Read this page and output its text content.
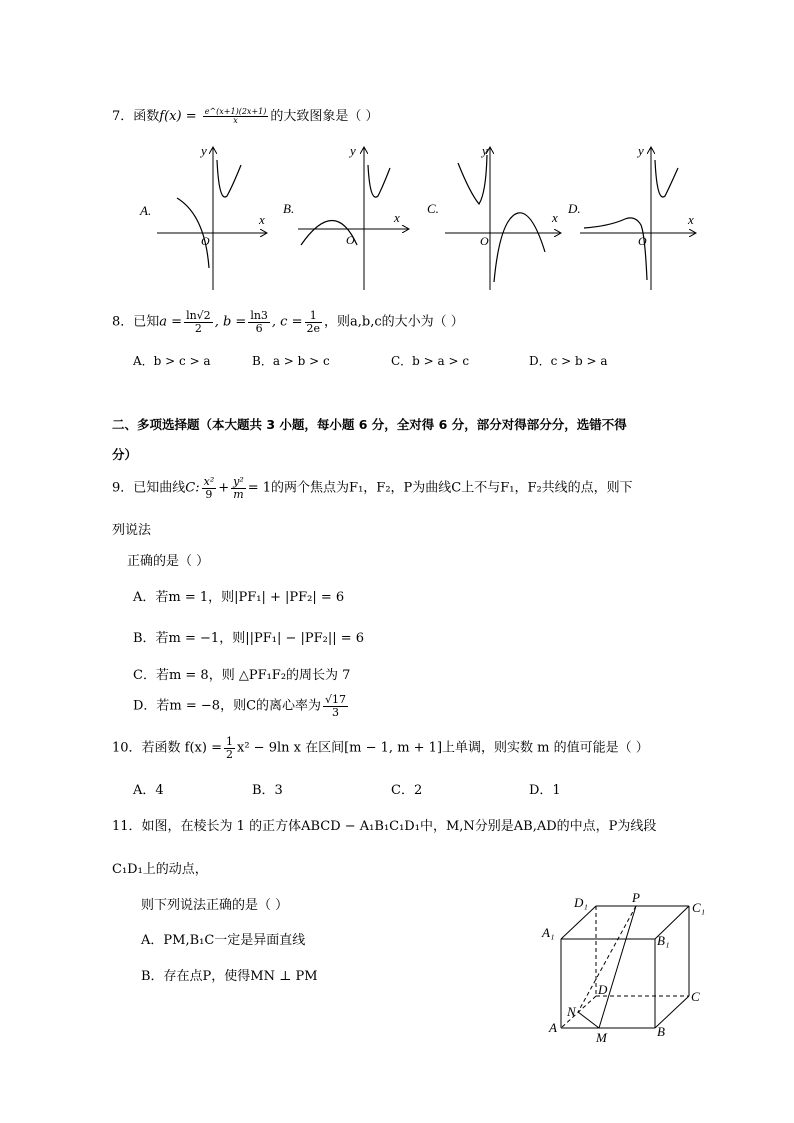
7．函数$f(x) = \frac{e\^{}(x+1)(2x+1)}{x}$ 的大致图象是（ ）
A.
y
x
O
B.
y
x
O
C.
y
x
O
D.
y
x
O
8．已知$a = \frac{\ln√2}{2}$ , $b = \frac{\ln 3}{6}$ , $c = \frac{1}{2e}$ ，则a,b,c的大小为（ ）
A．b > c > a	B．a > b > c	C．b > a > c	D．c > b > a
二、多项选择题（本大题共 3 小题，每小题 6 分，全对得 6 分，部分对得部分分，选错不得
分）
9．已知曲线C: $\frac{\text{x²}}{9} + \frac{\text{y²}}{m} = 1$的两个焦点为F₁，F₂，P为曲线C上不与F₁，F₂共线的点，则下
列说法
正确的是（ ）
A．若m = 1，则|PF₁| + |PF₂| = 6
B．若m = −1，则||PF₁| − |PF₂|| = 6
C．若m = 8，则 △PF₁F₂的周长为 7
D．若m = −8，则C的离心率为 $\frac{√17}{3}$
10．若函数 $f(x) = \frac{1}{2} x^2 - 9\ln$ x 在区间[m − 1, m + 1]上单调，则实数 m 的值可能是（ ）
A．4	B．3	C．2	D．1
11．如图，在棱长为 1 的正方体ABCD − A₁B₁C₁D₁中，M,N分别是AB,AD的中点，P为线段
C₁D₁上的动点，
则下列说法正确的是（ ）
A．PM,B₁C一定是异面直线
B．存在点P，使得MN ⊥ PM
D₁	P
C₁
A₁
B₁
D	C
N
A	B
M
